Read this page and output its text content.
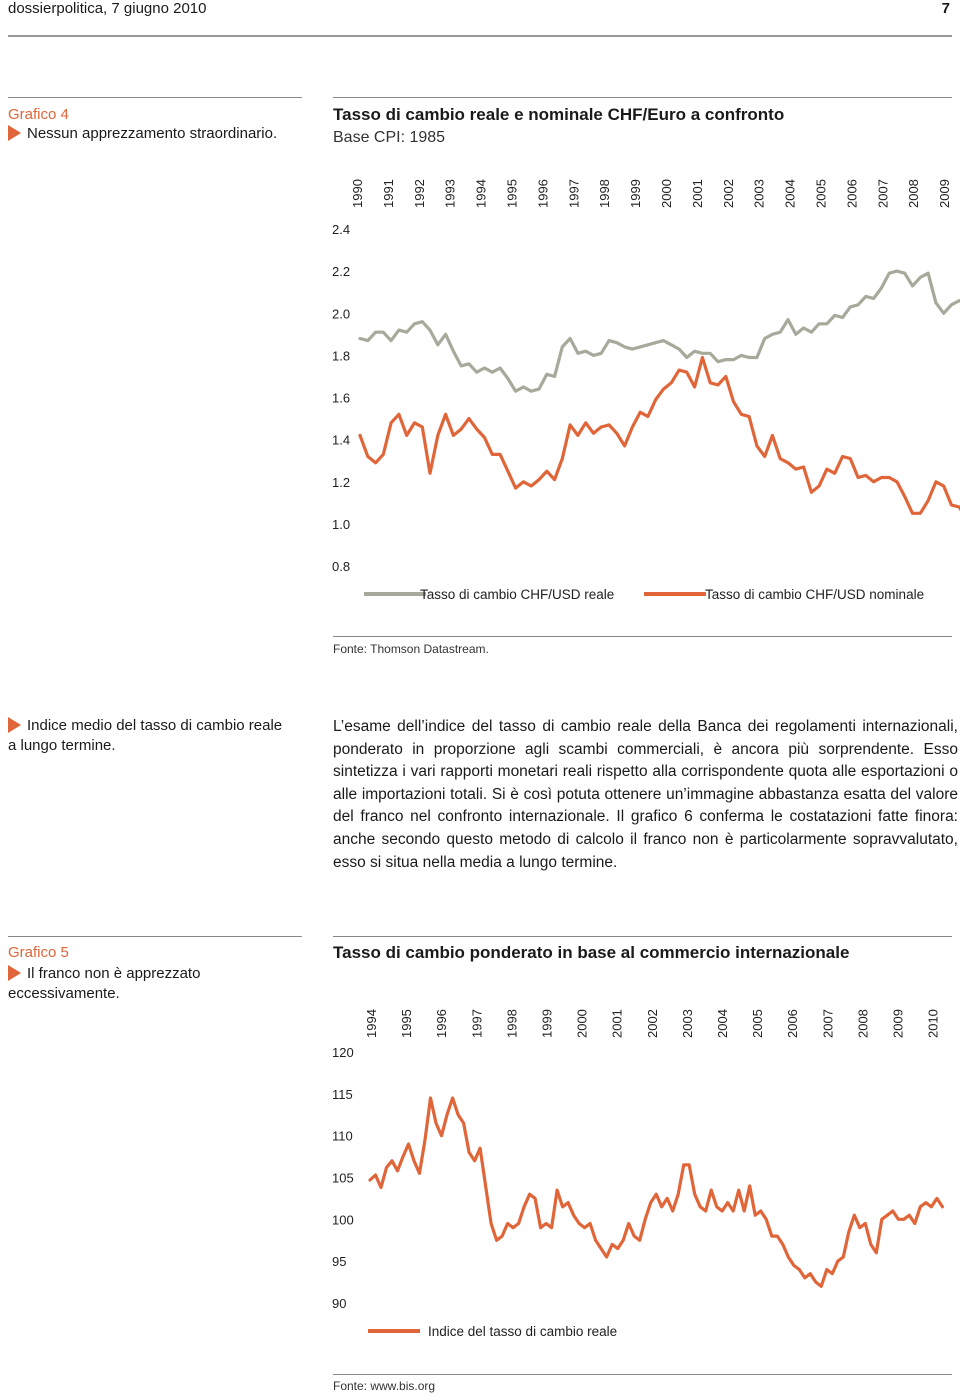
dossierpolitica, 7 giugno 2010	7
Grafico 4
Nessun apprezzamento straordinario.
Tasso di cambio reale e nominale CHF/Euro a confronto
Base CPI: 1985
1990 1991 1992 1993 1994 1995 1996 1997 1998 1999 2000 2001 2002 2003 2004 2005 2006 2007 2008 2009
2.4
2.2
2.0
1.8
1.6
1.4
1.2
1.0
0.8
Tasso di cambio CHF/USD reale	Tasso di cambio CHF/USD nominale
Fonte: Thomson Datastream.
Indice medio del tasso di cambio reale a lungo termine.
L’esame dell’indice del tasso di cambio reale della Banca dei regolamenti internazionali, ponderato in proporzione agli scambi commerciali, è ancora più sorprendente. Esso sintetizza i vari rapporti monetari reali rispetto alla corrispondente quota alle esportazioni o alle importazioni totali. Si è così potuta ottenere un’immagine abbastanza esatta del valore del franco nel confronto internazionale. Il grafico 6 conferma le costatazioni fatte finora: anche secondo questo metodo di calcolo il franco non è particolarmente sopravvalutato, esso si situa nella media a lungo termine.
Grafico 5
Il franco non è apprezzato eccessivamente.
Tasso di cambio ponderato in base al commercio internazionale
1994 1995 1996 1997 1998 1999 2000 2001 2002 2003 2004 2005 2006 2007 2008 2009 2010
120
115
110
105
100
95
90
Indice del tasso di cambio reale
Fonte: www.bis.org
